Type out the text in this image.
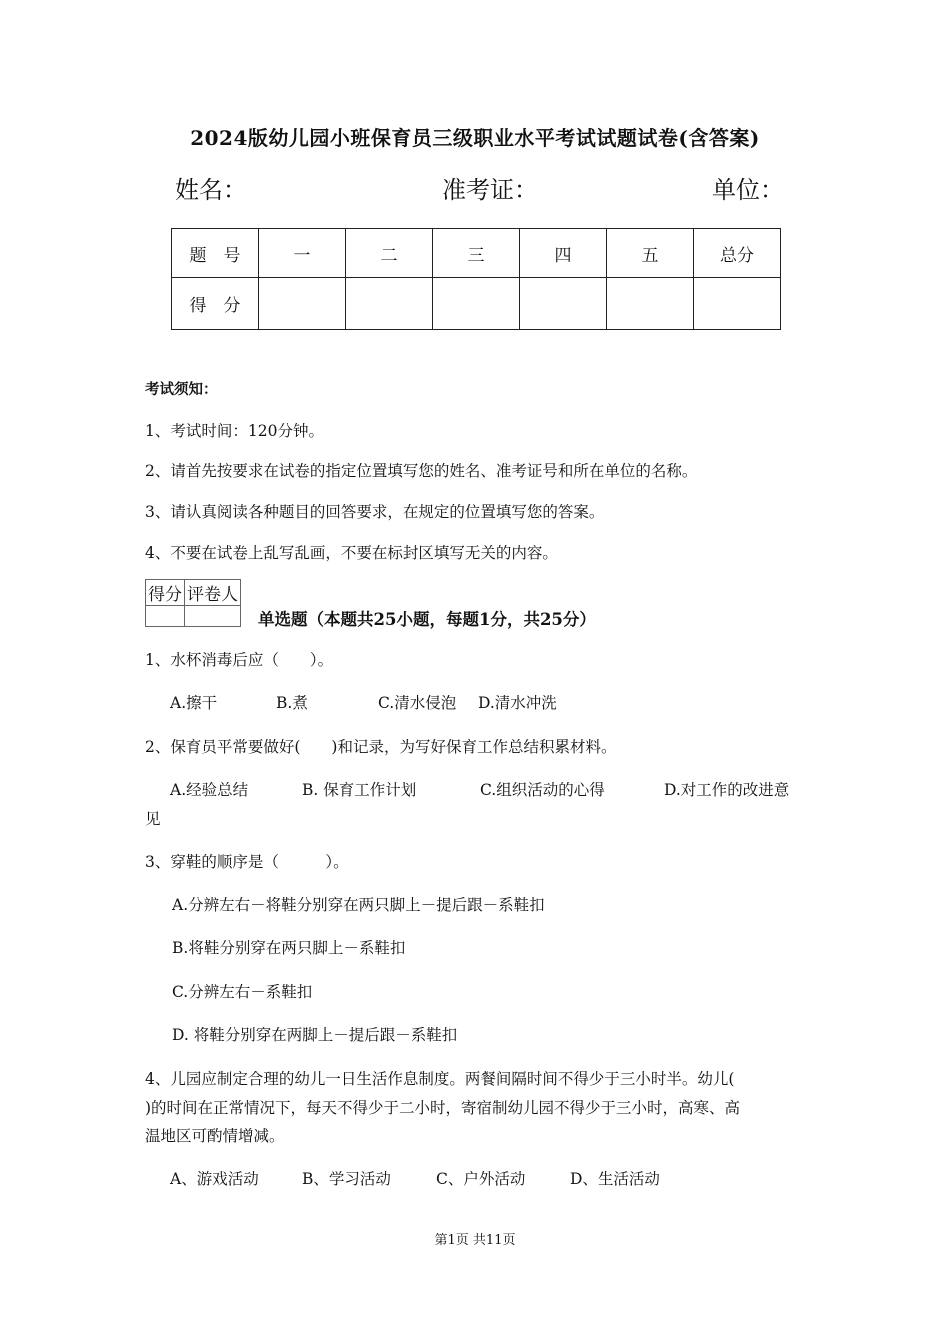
2024版幼儿园小班保育员三级职业水平考试试题试卷(含答案)
姓名：	准考证：	单位：
题　号	一	二	三	四	五	总分
得　分						
考试须知：
1、考试时间：120分钟。
2、请首先按要求在试卷的指定位置填写您的姓名、准考证号和所在单位的名称。
3、请认真阅读各种题目的回答要求，在规定的位置填写您的答案。
4、不要在试卷上乱写乱画，不要在标封区填写无关的内容。
得分	评卷人

单选题（本题共25小题，每题1分，共25分）
1、水杯消毒后应（　　）。
A.擦干	B.煮	C.清水侵泡 D.清水冲洗
2、保育员平常要做好(　　)和记录，为写好保育工作总结积累材料。
A.经验总结	B. 保育工作计划	C.组织活动的心得	D.对工作的改进意
见
3、穿鞋的顺序是（　　　）。
A.分辨左右－将鞋分别穿在两只脚上－提后跟－系鞋扣
B.将鞋分别穿在两只脚上－系鞋扣
C.分辨左右－系鞋扣
D. 将鞋分别穿在两脚上－提后跟－系鞋扣
4、儿园应制定合理的幼儿一日生活作息制度。两餐间隔时间不得少于三小时半。幼儿(
)的时间在正常情况下，每天不得少于二小时，寄宿制幼儿园不得少于三小时，高寒、高
温地区可酌情增减。
A、游戏活动	B、学习活动	C、户外活动	D、生活活动
第1页 共11页
